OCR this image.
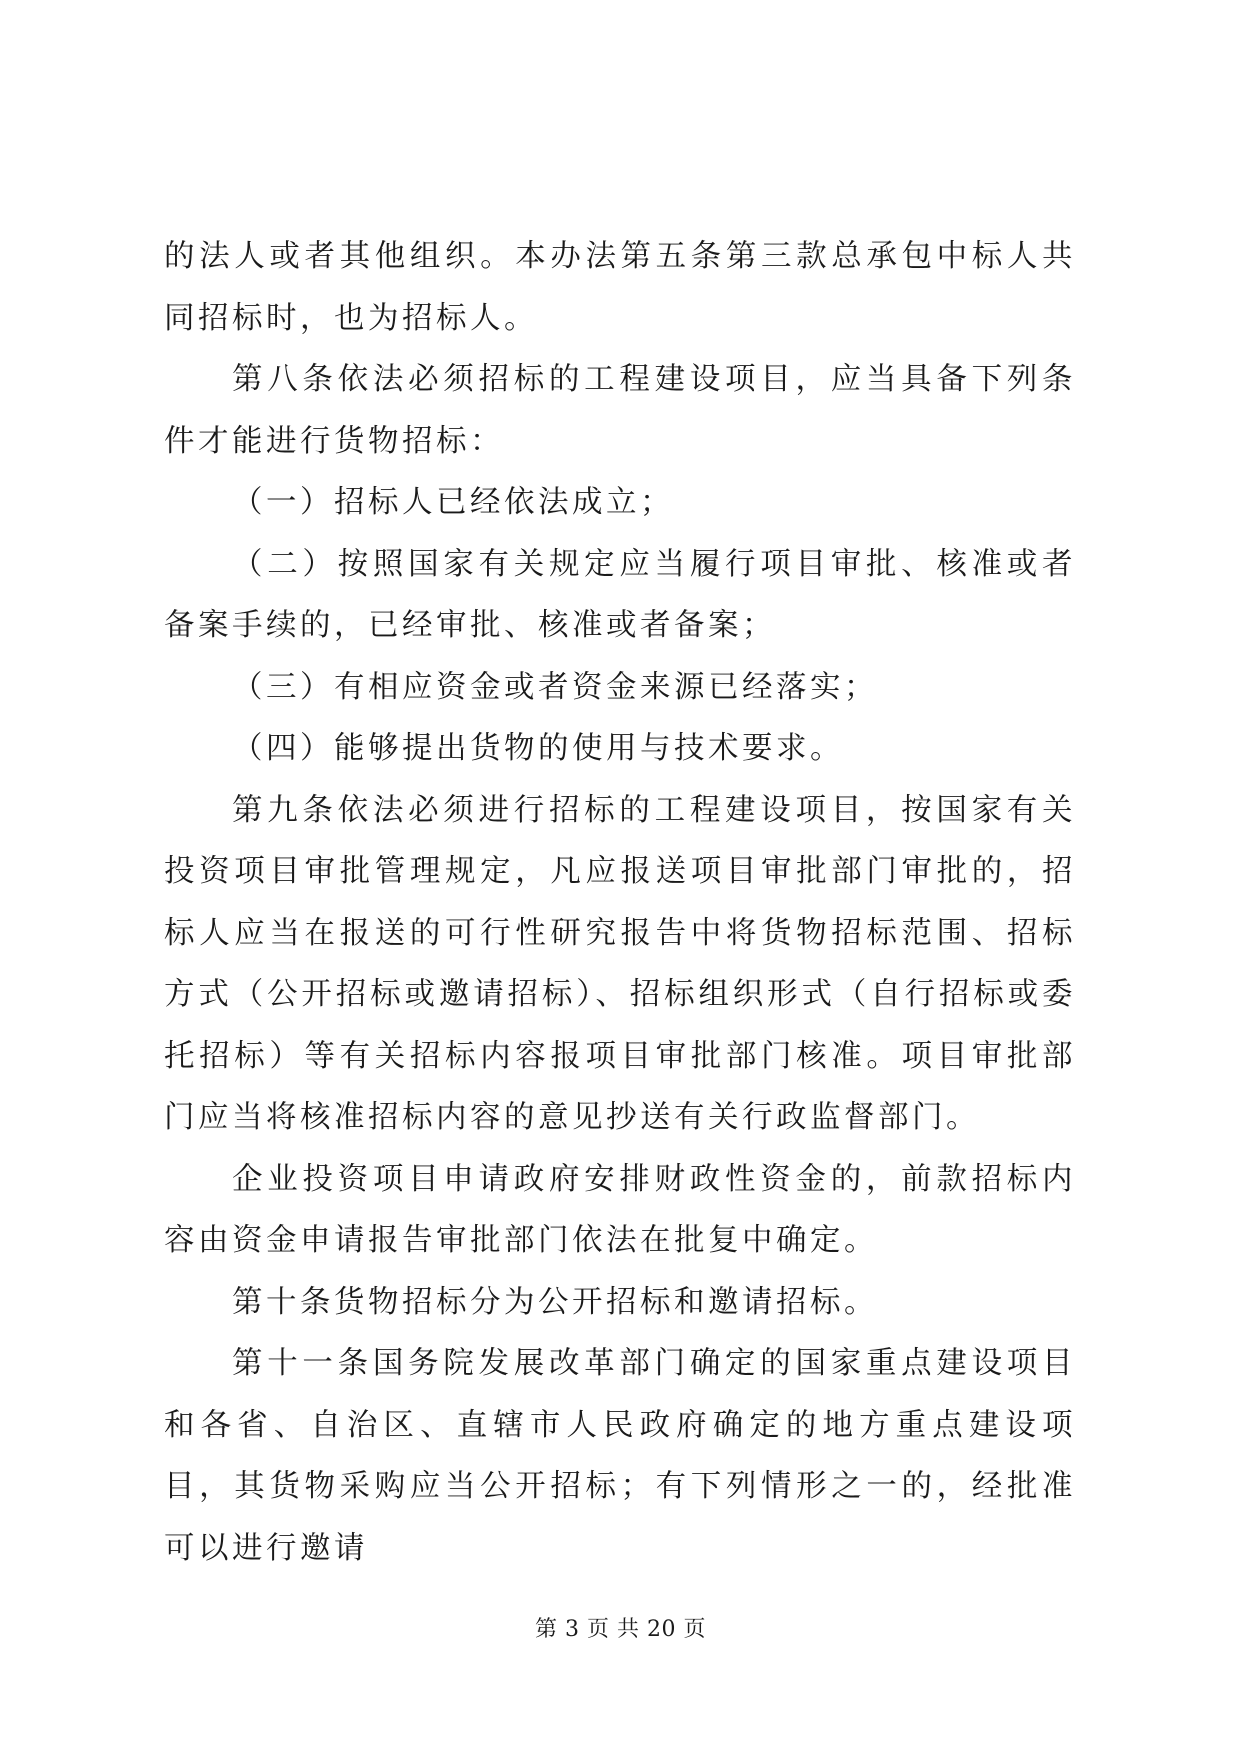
的法人或者其他组织。本办法第五条第三款总承包中标人共同招标时，也为招标人。

第八条依法必须招标的工程建设项目，应当具备下列条件才能进行货物招标：

（一）招标人已经依法成立；

（二）按照国家有关规定应当履行项目审批、核准或者备案手续的，已经审批、核准或者备案；

（三）有相应资金或者资金来源已经落实；

（四）能够提出货物的使用与技术要求。

第九条依法必须进行招标的工程建设项目，按国家有关投资项目审批管理规定，凡应报送项目审批部门审批的，招标人应当在报送的可行性研究报告中将货物招标范围、招标方式（公开招标或邀请招标）、招标组织形式（自行招标或委托招标）等有关招标内容报项目审批部门核准。项目审批部门应当将核准招标内容的意见抄送有关行政监督部门。

企业投资项目申请政府安排财政性资金的，前款招标内容由资金申请报告审批部门依法在批复中确定。

第十条货物招标分为公开招标和邀请招标。

第十一条国务院发展改革部门确定的国家重点建设项目和各省、自治区、直辖市人民政府确定的地方重点建设项目，其货物采购应当公开招标；有下列情形之一的，经批准可以进行邀请

第 3 页 共 20 页
